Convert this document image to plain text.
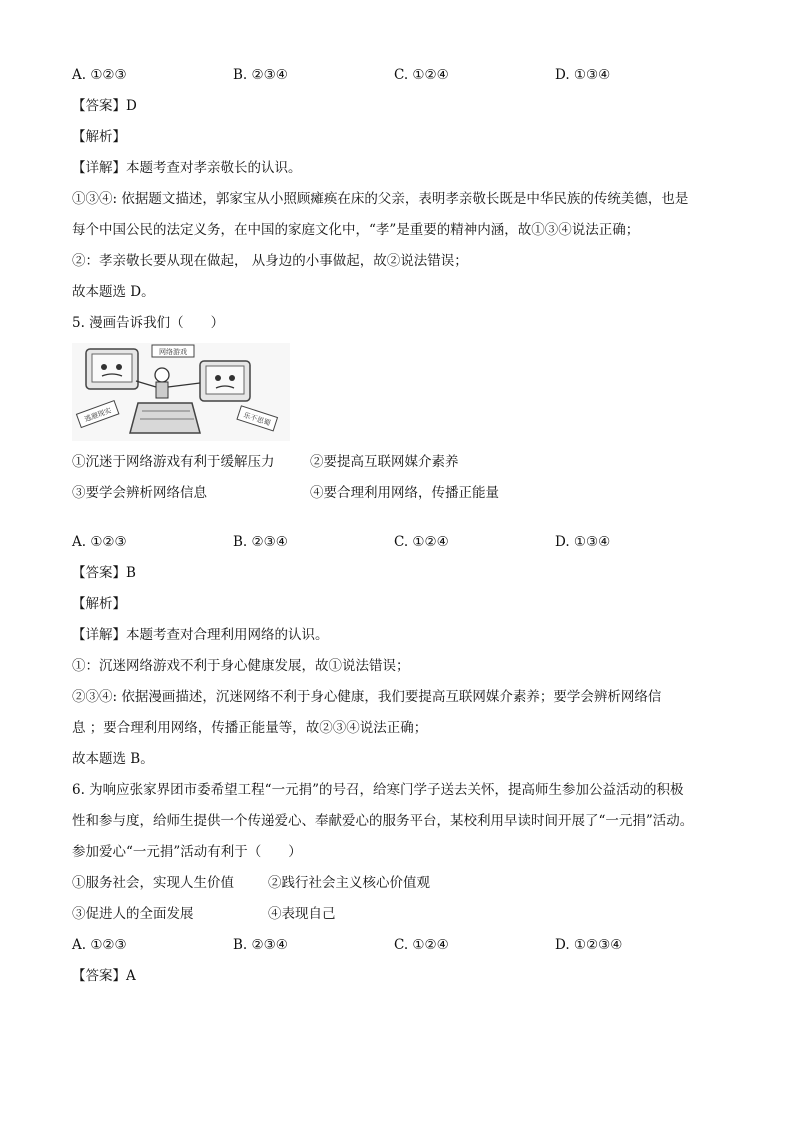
A. ①②③	B. ②③④	C. ①②④	D. ①③④
【答案】D
【解析】
【详解】本题考查对孝亲敬长的认识。
①③④: 依据题文描述，郭家宝从小照顾瘫痪在床的父亲，表明孝亲敬长既是中华民族的传统美德，也是
每个中国公民的法定义务，在中国的家庭文化中，“孝”是重要的精神内涵，故①③④说法正确；
②：孝亲敬长要从现在做起， 从身边的小事做起，故②说法错误；
故本题选 D。
5. 漫画告诉我们（　　）
网络游戏
逃避现实	乐不思蜀
①沉迷于网络游戏有利于缓解压力	②要提高互联网媒介素养
③要学会辨析网络信息	④要合理利用网络，传播正能量
A. ①②③	B. ②③④	C. ①②④	D. ①③④
【答案】B
【解析】
【详解】本题考查对合理利用网络的认识。
①：沉迷网络游戏不利于身心健康发展，故①说法错误；
②③④: 依据漫画描述，沉迷网络不利于身心健康，我们要提高互联网媒介素养；要学会辨析网络信
息 ；要合理利用网络，传播正能量等，故②③④说法正确；
故本题选 B。
6. 为响应张家界团市委希望工程“一元捐”的号召，给寒门学子送去关怀，提高师生参加公益活动的积极
性和参与度，给师生提供一个传递爱心、奉献爱心的服务平台，某校利用早读时间开展了“一元捐”活动。
参加爱心“一元捐”活动有利于（　　）
①服务社会，实现人生价值	②践行社会主义核心价值观
③促进人的全面发展	④表现自己
A. ①②③	B. ②③④	C. ①②④	D. ①②③④
【答案】A
